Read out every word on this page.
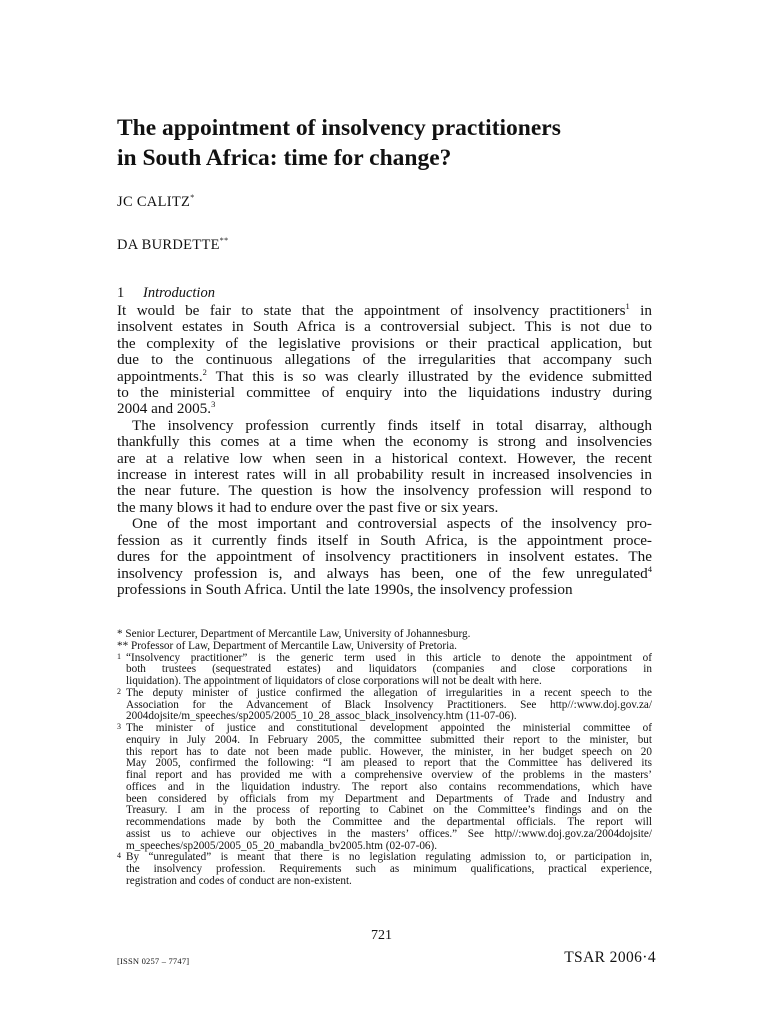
The appointment of insolvency practitioners
in South Africa: time for change?
JC CALITZ*
DA BURDETTE**
1 Introduction

It would be fair to state that the appointment of insolvency practitioners$^1$ in

insolvent estates in South Africa is a controversial subject. This is not due to

the complexity of the legislative provisions or their practical application, but

due to the continuous allegations of the irregularities that accompany such

appointments.$^2$ That this is so was clearly illustrated by the evidence submitted

to the ministerial committee of enquiry into the liquidations industry during

2004 and 2005.$^3$

The insolvency profession currently finds itself in total disarray, although

thankfully this comes at a time when the economy is strong and insolvencies

are at a relative low when seen in a historical context. However, the recent

increase in interest rates will in all probability result in increased insolvencies in

the near future. The question is how the insolvency profession will respond to

the many blows it had to endure over the past five or six years.

One of the most important and controversial aspects of the insolvency pro-

fession as it currently finds itself in South Africa, is the appointment proce-

dures for the appointment of insolvency practitioners in insolvent estates. The

insolvency profession is, and always has been, one of the few unregulated$^4$

professions in South Africa. Until the late 1990s, the insolvency profession

* Senior Lecturer, Department of Mercantile Law, University of Johannesburg.
** Professor of Law, Department of Mercantile Law, University of Pretoria.
1 “Insolvency practitioner” is the generic term used in this article to denote the appointment of
both trustees (sequestrated estates) and liquidators (companies and close corporations in
liquidation). The appointment of liquidators of close corporations will not be dealt with here.
2 The deputy minister of justice confirmed the allegation of irregularities in a recent speech to the
Association for the Advancement of Black Insolvency Practitioners. See http//:www.doj.gov.za/
2004dojsite/m_speeches/sp2005/2005_10_28_assoc_black_insolvency.htm (11-07-06).
3 The minister of justice and constitutional development appointed the ministerial committee of
enquiry in July 2004. In February 2005, the committee submitted their report to the minister, but
this report has to date not been made public. However, the minister, in her budget speech on 20
May 2005, confirmed the following: “I am pleased to report that the Committee has delivered its
final report and has provided me with a comprehensive overview of the problems in the masters’
offices and in the liquidation industry. The report also contains recommendations, which have
been considered by officials from my Department and Departments of Trade and Industry and
Treasury. I am in the process of reporting to Cabinet on the Committee’s findings and on the
recommendations made by both the Committee and the departmental officials. The report will
assist us to achieve our objectives in the masters’ offices.” See http//:www.doj.gov.za/2004dojsite/
m_speeches/sp2005/2005_05_20_mabandla_bv2005.htm (02-07-06).
4 By “unregulated” is meant that there is no legislation regulating admission to, or participation in,
the insolvency profession. Requirements such as minimum qualifications, practical experience,
registration and codes of conduct are non-existent.
721
[ISSN 0257 – 7747]	TSAR 2006·4
